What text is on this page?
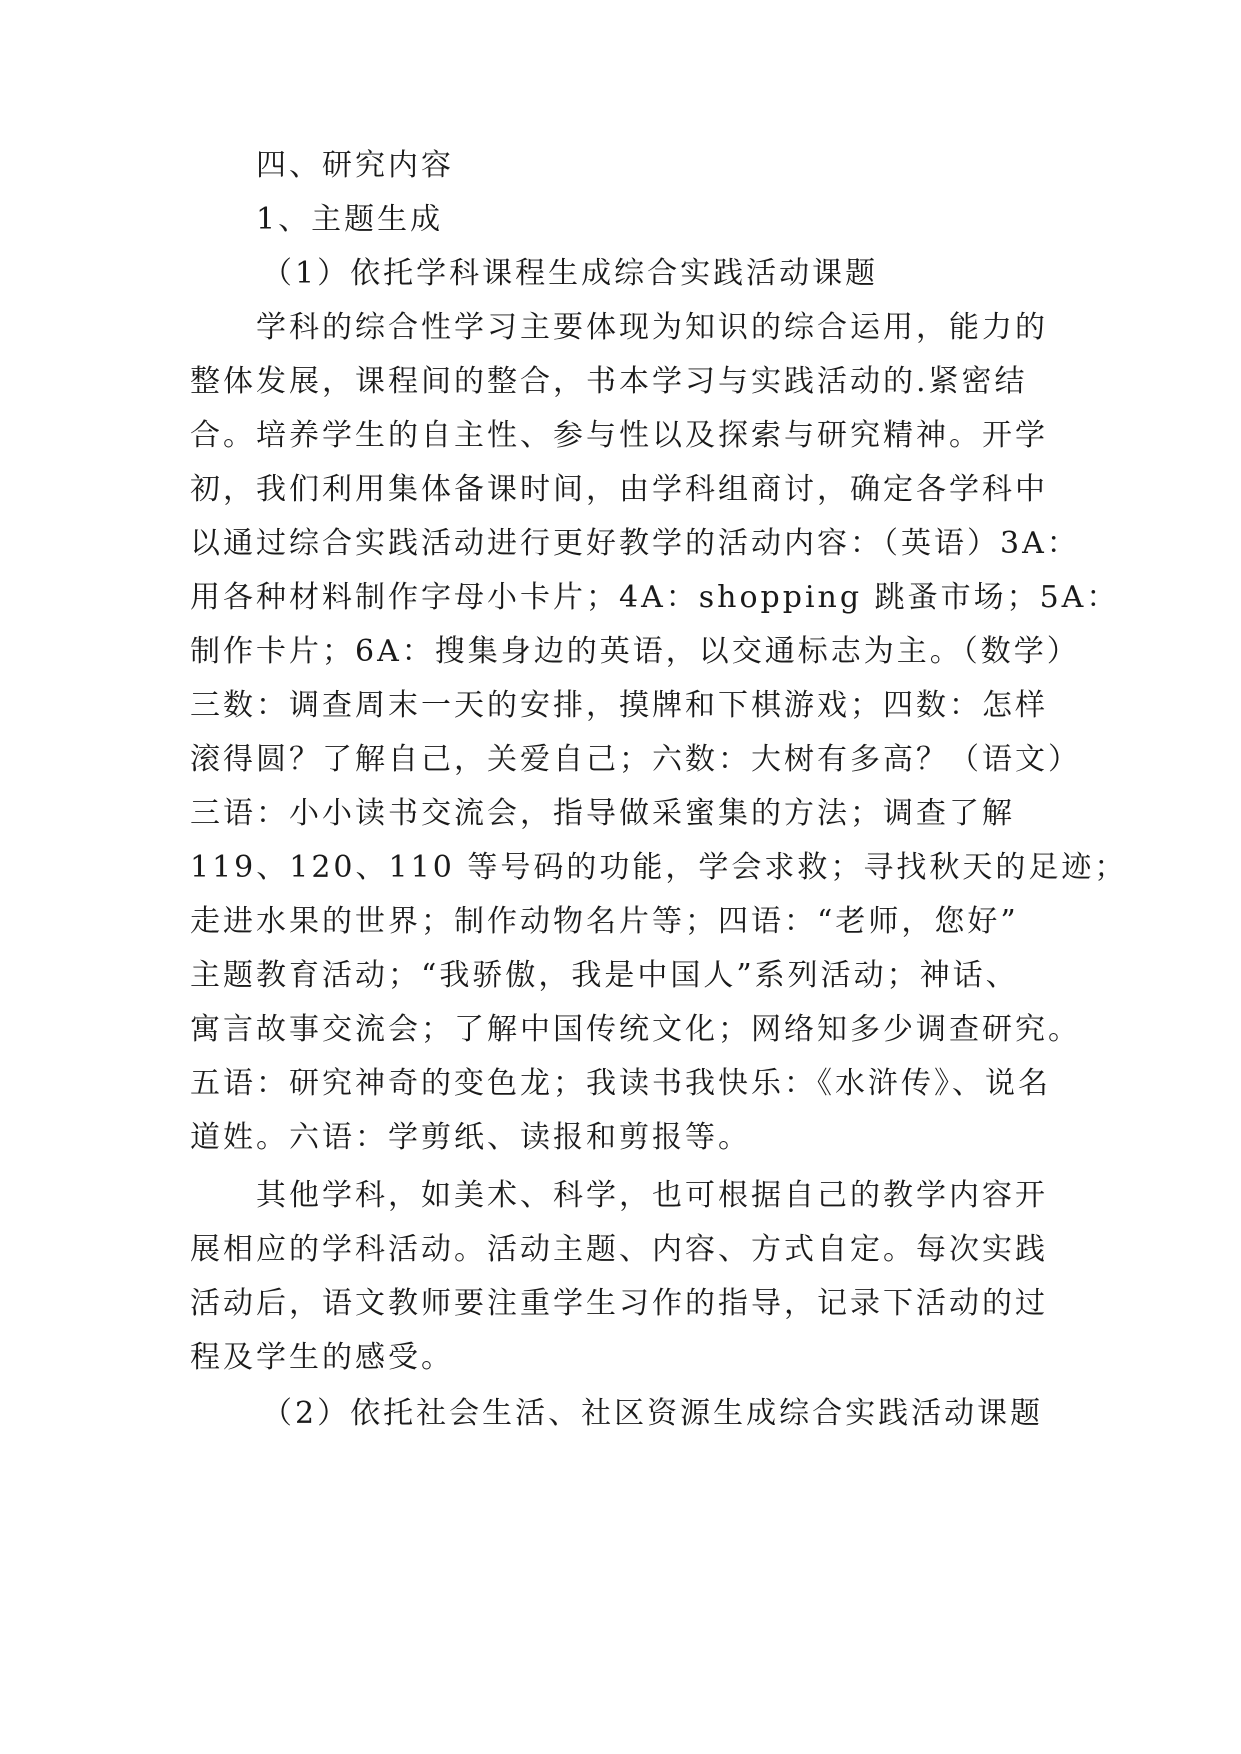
四、研究内容
1、主题生成
（1）依托学科课程生成综合实践活动课题
学科的综合性学习主要体现为知识的综合运用，能力的
整体发展，课程间的整合，书本学习与实践活动的.紧密结
合。培养学生的自主性、参与性以及探索与研究精神。开学
初，我们利用集体备课时间，由学科组商讨，确定各学科中
以通过综合实践活动进行更好教学的活动内容：（英语）3A：
用各种材料制作字母小卡片；4A：shopping 跳蚤市场；5A：
制作卡片；6A：搜集身边的英语，以交通标志为主。（数学）
三数：调查周末一天的安排，摸牌和下棋游戏；四数：怎样
滚得圆？了解自己，关爱自己；六数：大树有多高？（语文）
三语：小小读书交流会，指导做采蜜集的方法；调查了解
119、120、110 等号码的功能，学会求救；寻找秋天的足迹；
走进水果的世界；制作动物名片等；四语：“老师，您好”
主题教育活动；“我骄傲，我是中国人”系列活动；神话、
寓言故事交流会；了解中国传统文化；网络知多少调查研究。
五语：研究神奇的变色龙；我读书我快乐：《水浒传》、说名
道姓。六语：学剪纸、读报和剪报等。
其他学科，如美术、科学，也可根据自己的教学内容开
展相应的学科活动。活动主题、内容、方式自定。每次实践
活动后，语文教师要注重学生习作的指导，记录下活动的过
程及学生的感受。
（2）依托社会生活、社区资源生成综合实践活动课题
